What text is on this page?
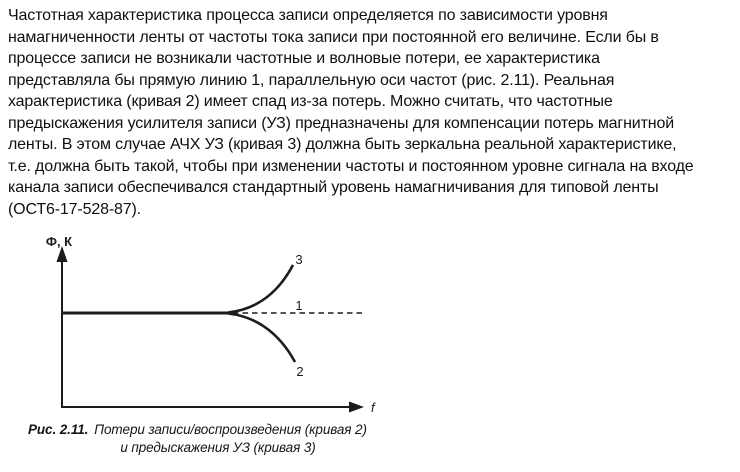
Частотная характеристика процесса записи определяется по зависимости уровня
намагниченности ленты от частоты тока записи при постоянной его величине. Если бы в
процессе записи не возникали частотные и волновые потери, ее характеристика
представляла бы прямую линию 1, параллельную оси частот (рис. 2.11). Реальная
характеристика (кривая 2) имеет спад из-за потерь. Можно считать, что частотные
предыскажения усилителя записи (УЗ) предназначены для компенсации потерь магнитной
ленты. В этом случае АЧХ УЗ (кривая 3) должна быть зеркальна реальной характеристике,
т.е. должна быть такой, чтобы при изменении частоты и постоянном уровне сигнала на входе
канала записи обеспечивался стандартный уровень намагничивания для типовой ленты
(ОСТ6-17-528-87).
Ф, К
f
1
3
2
Рис. 2.11. Потери записи/воспроизведения (кривая 2)
и предыскажения УЗ (кривая 3)
